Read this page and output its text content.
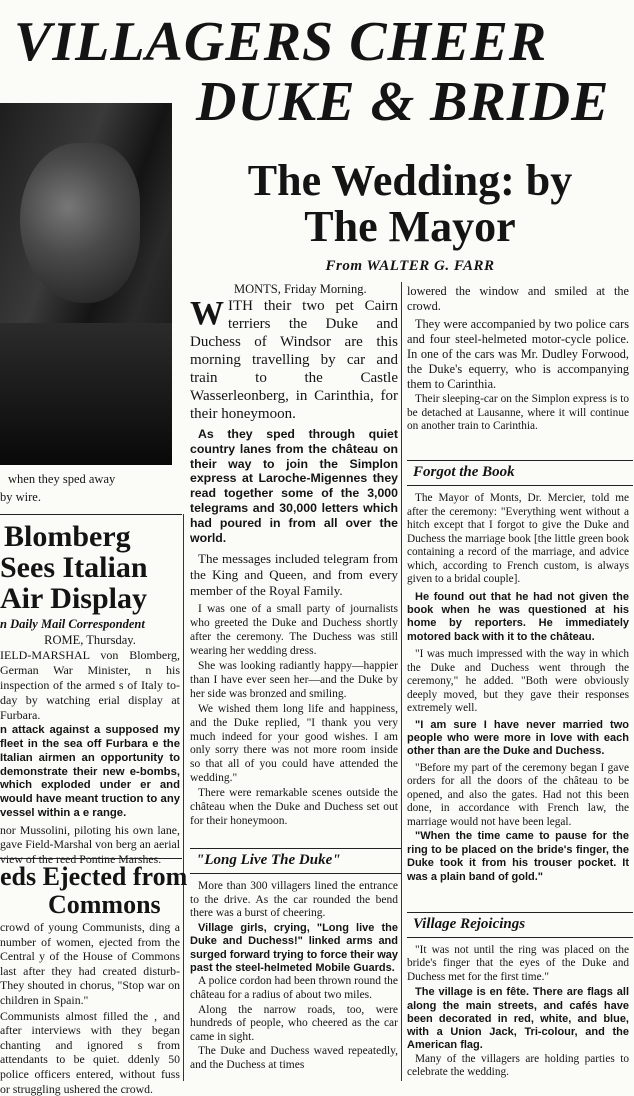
VILLAGERS CHEER
DUKE & BRIDE
when they sped away
by wire.
Blomberg
Sees Italian
Air Display
n Daily Mail Correspondent
ROME, Thursday.
IELD-MARSHAL von Blomberg, German War Minister, n his inspection of the armed s of Italy to-day by watching erial display at Furbara.
n attack against a supposed my fleet in the sea off Furbara e the Italian airmen an opportunity to demonstrate their new e-bombs, which exploded under er and would have meant truction to any vessel within a e range.
nor Mussolini, piloting his own lane, gave Field-Marshal von berg an aerial view of the reed Pontine Marshes.
eds Ejected from
Commons
crowd of young Communists, ding a number of women, ejected from the Central y of the House of Commons last after they had created disturb- They shouted in chorus, "Stop war on children in Spain."
Communists almost filled the , and after interviews with they began chanting and ignored s from attendants to be quiet. ddenly 50 police officers entered, without fuss or struggling ushered the crowd.
The Wedding: by
The Mayor
From WALTER G. FARR
MONTS, Friday Morning.
WITH their two pet Cairn terriers the Duke and Duchess of Windsor are this morning travelling by car and train to the Castle Wasserleonberg, in Carinthia, for their honeymoon.
As they sped through quiet country lanes from the château on their way to join the Simplon express at Laroche-Migennes they read together some of the 3,000 telegrams and 30,000 letters which had poured in from all over the world.

The messages included telegram from the King and Queen, and from every member of the Royal Family.

I was one of a small party of journalists who greeted the Duke and Duchess shortly after the ceremony. The Duchess was still wearing her wedding dress.

She was looking radiantly happy—happier than I have ever seen her—and the Duke by her side was bronzed and smiling.

We wished them long life and happiness, and the Duke replied, "I thank you very much indeed for your good wishes. I am only sorry there was not more room inside so that all of you could have attended the wedding."

There were remarkable scenes outside the château when the Duke and Duchess set out for their honeymoon.

"Long Live The Duke"

More than 300 villagers lined the entrance to the drive. As the car rounded the bend there was a burst of cheering.

Village girls, crying, "Long live the Duke and Duchess!" linked arms and surged forward trying to force their way past the steel-helmeted Mobile Guards.

A police cordon had been thrown round the château for a radius of about two miles.

Along the narrow roads, too, were hundreds of people, who cheered as the car came in sight.

The Duke and Duchess waved repeatedly, and the Duchess at times

lowered the window and smiled at the crowd.

They were accompanied by two police cars and four steel-helmeted motor-cycle police. In one of the cars was Mr. Dudley Forwood, the Duke's equerry, who is accompanying them to Carinthia.

Their sleeping-car on the Simplon express is to be detached at Lausanne, where it will continue on another train to Carinthia.

Forgot the Book

The Mayor of Monts, Dr. Mercier, told me after the ceremony: "Everything went without a hitch except that I forgot to give the Duke and Duchess the marriage book [the little green book containing a record of the marriage, and advice which, according to French custom, is always given to a bridal couple].

He found out that he had not given the book when he was questioned at his home by reporters. He immediately motored back with it to the château.

"I was much impressed with the way in which the Duke and Duchess went through the ceremony," he added. "Both were obviously deeply moved, but they gave their responses extremely well.

"I am sure I have never married two people who were more in love with each other than are the Duke and Duchess.

"Before my part of the ceremony began I gave orders for all the doors of the château to be opened, and also the gates. Had not this been done, in accordance with French law, the marriage would not have been legal.

"When the time came to pause for the ring to be placed on the bride's finger, the Duke took it from his trouser pocket. It was a plain band of gold."
Village Rejoicings

"It was not until the ring was placed on the bride's finger that the eyes of the Duke and Duchess met for the first time."

The village is en fête. There are flags all along the main streets, and cafés have been decorated in red, white, and blue, with a Union Jack, Tri-colour, and the American flag.

Many of the villagers are holding parties to celebrate the wedding.
